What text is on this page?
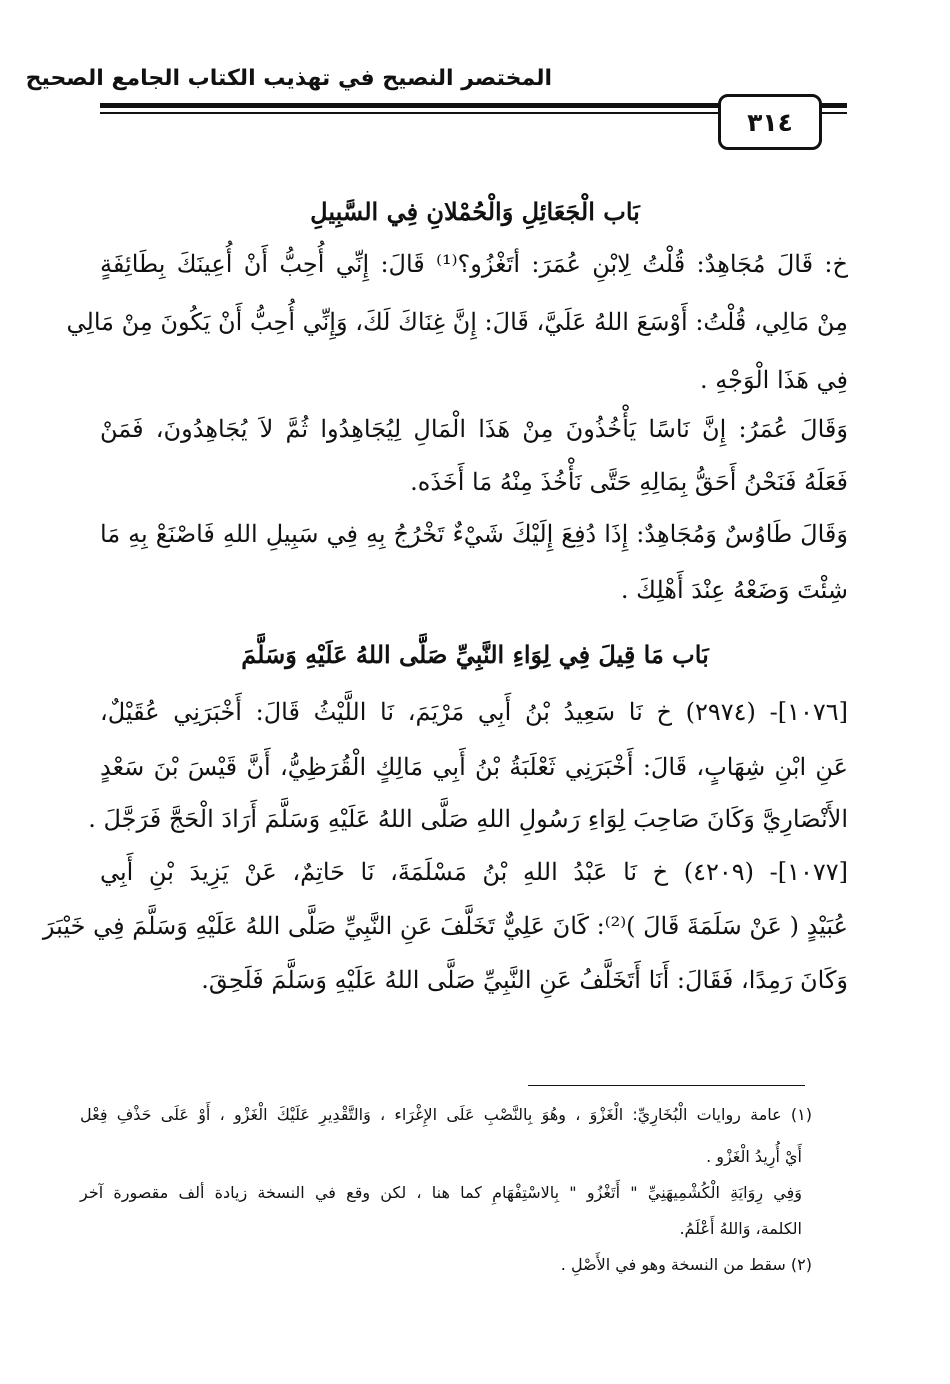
المختصر النصيح في تهذيب الكتاب الجامع الصحيح
٣١٤
بَاب الْجَعَائِلِ وَالْحُمْلانِ فِي السَّبِيلِ
خ: قَالَ مُجَاهِدٌ: قُلْتُ لِابْنِ عُمَرَ: أتَغْزُو؟⁽¹⁾ قَالَ: إِنِّي أُحِبُّ أَنْ أُعِينَكَ بِطَائِفَةٍ
مِنْ مَالِي، قُلْتُ: أَوْسَعَ اللهُ عَلَيَّ، قَالَ: إِنَّ غِنَاكَ لَكَ، وَإِنِّي أُحِبُّ أَنْ يَكُونَ مِنْ مَالِي
فِي هَذَا الْوَجْهِ .
وَقَالَ عُمَرُ: إِنَّ نَاسًا يَأْخُذُونَ مِنْ هَذَا الْمَالِ لِيُجَاهِدُوا ثُمَّ لاَ يُجَاهِدُونَ، فَمَنْ
فَعَلَهُ فَنَحْنُ أَحَقُّ بِمَالِهِ حَتَّى نَأْخُذَ مِنْهُ مَا أَخَذَه.
وَقَالَ طَاوُسٌ وَمُجَاهِدٌ: إِذَا دُفِعَ إِلَيْكَ شَيْءٌ تَخْرُجُ بِهِ فِي سَبِيلِ اللهِ فَاصْنَعْ بِهِ مَا
شِئْتَ وَضَعْهُ عِنْدَ أَهْلِكَ .
بَاب مَا قِيلَ فِي لِوَاءِ النَّبِيِّ صَلَّى اللهُ عَلَيْهِ وَسَلَّمَ
[١٠٧٦]- (٢٩٧٤) خ نَا سَعِيدُ بْنُ أَبِي مَرْيَمَ، نَا اللَّيْثُ قَالَ: أَخْبَرَنِي عُقَيْلٌ،
عَنِ ابْنِ شِهَابٍ، قَالَ: أَخْبَرَنِي ثَعْلَبَةُ بْنُ أَبِي مَالِكٍ الْقُرَظِيُّ، أَنَّ قَيْسَ بْنَ سَعْدٍ
الأَنْصَارِيَّ وَكَانَ صَاحِبَ لِوَاءِ رَسُولِ اللهِ صَلَّى اللهُ عَلَيْهِ وَسَلَّمَ أَرَادَ الْحَجَّ فَرَجَّلَ .
[١٠٧٧]- (٤٢٠٩) خ نَا عَبْدُ اللهِ بْنُ مَسْلَمَةَ، نَا حَاتِمٌ، عَنْ يَزِيدَ بْنِ أَبِي
عُبَيْدٍ ( عَنْ سَلَمَةَ قَالَ )⁽²⁾: كَانَ عَلِيٌّ تَخَلَّفَ عَنِ النَّبِيِّ صَلَّى اللهُ عَلَيْهِ وَسَلَّمَ فِي خَيْبَرَ
وَكَانَ رَمِدًا، فَقَالَ: أَنَا أَتَخَلَّفُ عَنِ النَّبِيِّ صَلَّى اللهُ عَلَيْهِ وَسَلَّمَ فَلَحِقَ.
(١) عامة روايات الْبُخَارِيِّ: الْغَزْوَ ، وهُوَ بِالنَّصْبِ عَلَى الإِغْرَاء ، وَالتَّقْدِيرِ عَلَيْكَ الْغَزْو ، أَوْ عَلَى حَذْفِ فِعْل
أَيْ أُرِيدُ الْغَزْو .
وَفِي رِوَايَةِ الْكُشْمِيهَنِيِّ " أَتَغْزُو " بِالاسْتِفْهَامِ كما هنا ، لكن وقع في النسخة زيادة ألف مقصورة آخر
الكلمة، وَاللهُ أَعْلَمُ.
(٢) سقط من النسخة وهو في الأَصْلِ .
